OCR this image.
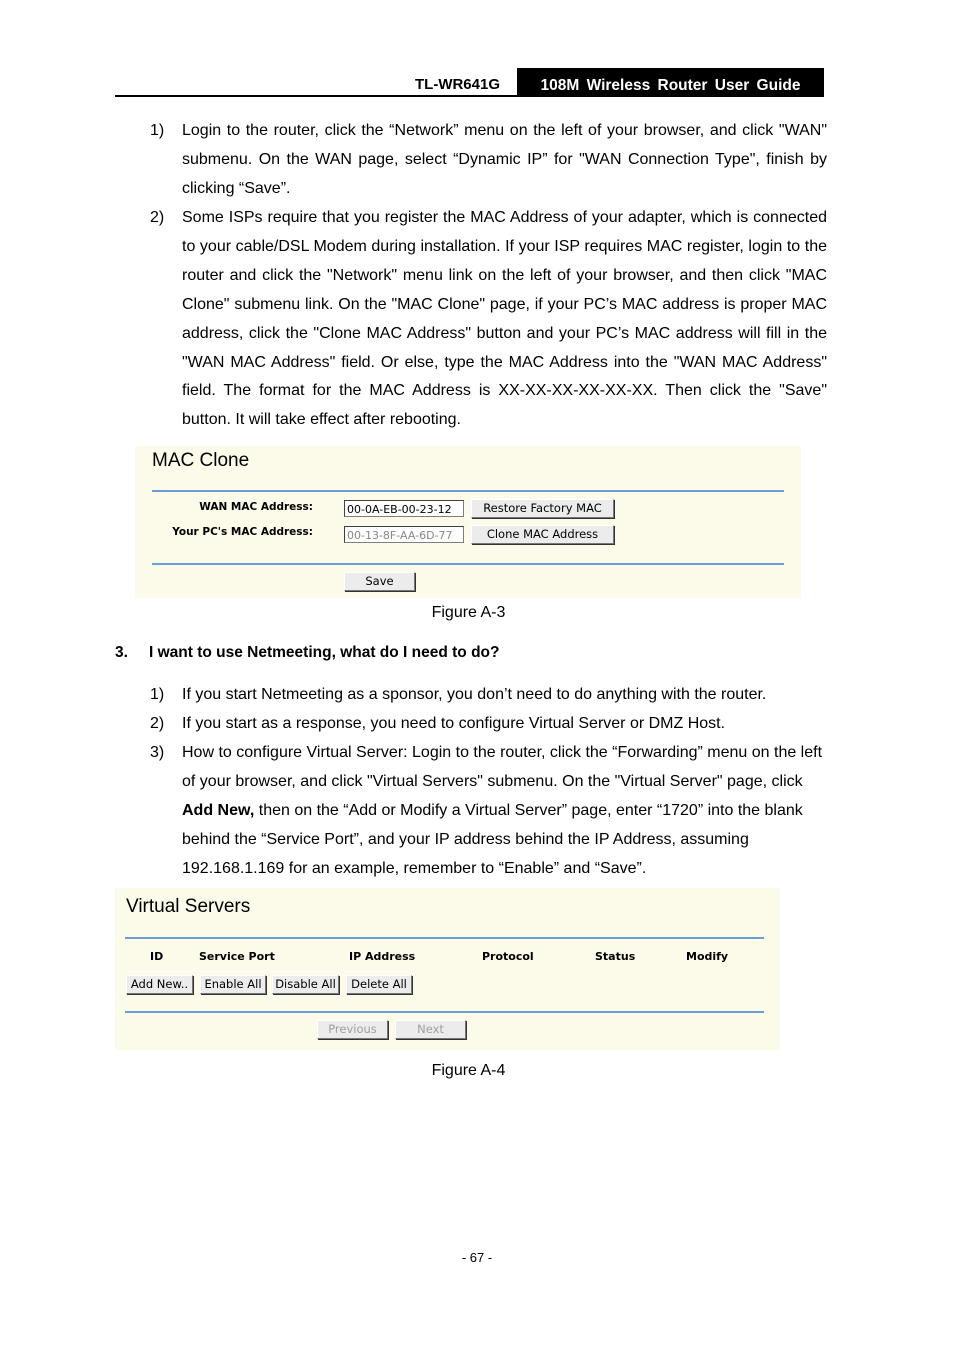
TL-WR641G	108M Wireless Router User Guide
1) Login to the router, click the “Network” menu on the left of your browser, and click "WAN" submenu. On the WAN page, select “Dynamic IP” for "WAN Connection Type", finish by clicking “Save”.
2) Some ISPs require that you register the MAC Address of your adapter, which is connected to your cable/DSL Modem during installation. If your ISP requires MAC register, login to the router and click the "Network" menu link on the left of your browser, and then click "MAC Clone" submenu link. On the "MAC Clone" page, if your PC’s MAC address is proper MAC address, click the "Clone MAC Address" button and your PC’s MAC address will fill in the "WAN MAC Address" field. Or else, type the MAC Address into the "WAN MAC Address" field. The format for the MAC Address is XX-XX-XX-XX-XX-XX. Then click the "Save" button. It will take effect after rebooting.
MAC Clone
WAN MAC Address:	00-0A-EB-00-23-12	Restore Factory MAC
Your PC's MAC Address:	00-13-8F-AA-6D-77	Clone MAC Address
Save
Figure A-3
3. I want to use Netmeeting, what do I need to do?
1) If you start Netmeeting as a sponsor, you don’t need to do anything with the router.
2) If you start as a response, you need to configure Virtual Server or DMZ Host.
3) How to configure Virtual Server: Login to the router, click the “Forwarding” menu on the left of your browser, and click "Virtual Servers" submenu. On the "Virtual Server" page, click Add New, then on the “Add or Modify a Virtual Server” page, enter “1720” into the blank behind the “Service Port”, and your IP address behind the IP Address, assuming 192.168.1.169 for an example, remember to “Enable” and “Save”.
Virtual Servers
ID	Service Port	IP Address	Protocol	Status	Modify
Add New..	Enable All	Disable All	Delete All
Previous	Next
Figure A-4
- 67 -
